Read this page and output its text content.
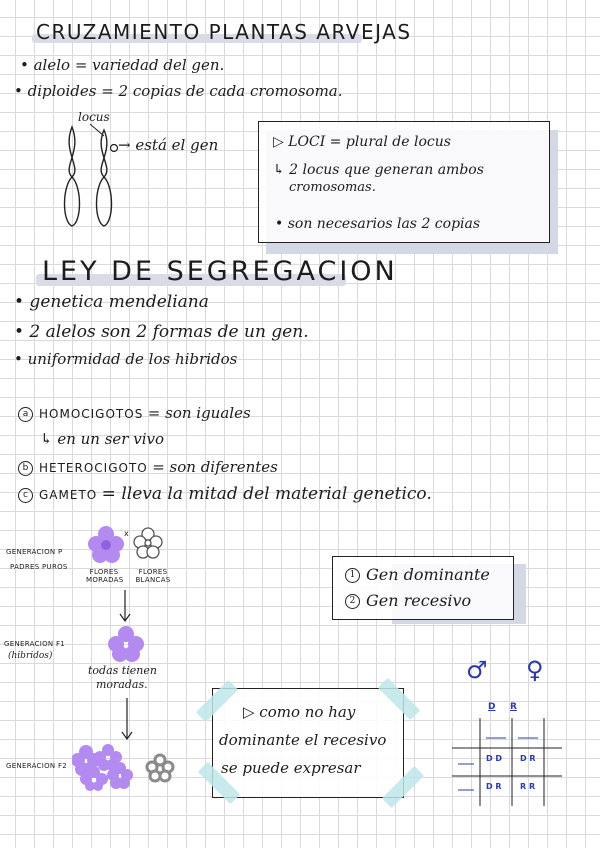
CRUZAMIENTO PLANTAS ARVEJAS
• alelo = variedad del gen.
• diploides = 2 copias de cada cromosoma.
locus
→ está el gen	▷ LOCI = plural de locus
↳ 2 locus que generan ambos
cromosomas.
• son necesarios las 2 copias
LEY DE SEGREGACION
• genetica mendeliana
• 2 alelos son 2 formas de un gen.
• uniformidad de los hibridos
a HOMOCIGOTOS = son iguales
↳ en un ser vivo
b HETEROCIGOTO = son diferentes
c GAMETO = lleva la mitad del material genetico.
GENERACION P
PADRES PUROS
x
FLORES MORADAS
FLORES BLANCAS
GENERACION F1
(hibridos)
todas tienen
moradas.
GENERACION F2
1 Gen dominante
2 Gen recesivo
▷ como no hay
dominante el recesivo
se puede expresar
♂ ♀
D R
D D D R
D R R R
